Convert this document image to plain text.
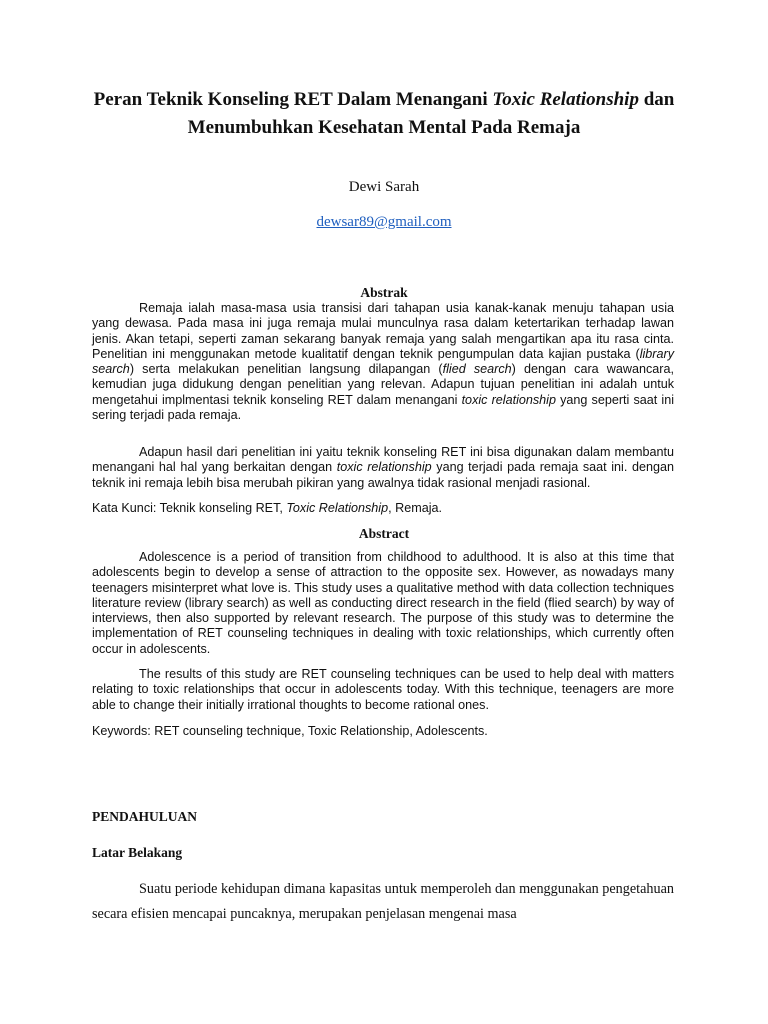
Peran Teknik Konseling RET Dalam Menangani Toxic Relationship dan Menumbuhkan Kesehatan Mental Pada Remaja
Dewi Sarah
dewsar89@gmail.com
Abstrak

Remaja ialah masa-masa usia transisi dari tahapan usia kanak-kanak menuju tahapan usia yang dewasa. Pada masa ini juga remaja mulai munculnya rasa dalam ketertarikan terhadap lawan jenis. Akan tetapi, seperti zaman sekarang banyak remaja yang salah mengartikan apa itu rasa cinta. Penelitian ini menggunakan metode kualitatif dengan teknik pengumpulan data kajian pustaka (library search) serta melakukan penelitian langsung dilapangan (flied search) dengan cara wawancara, kemudian juga didukung dengan penelitian yang relevan. Adapun tujuan penelitian ini adalah untuk mengetahui implmentasi teknik konseling RET dalam menangani toxic relationship yang seperti saat ini sering terjadi pada remaja.

Adapun hasil dari penelitian ini yaitu teknik konseling RET ini bisa digunakan dalam membantu menangani hal hal yang berkaitan dengan toxic relationship yang terjadi pada remaja saat ini. dengan teknik ini remaja lebih bisa merubah pikiran yang awalnya tidak rasional menjadi rasional.

Kata Kunci: Teknik konseling RET, Toxic Relationship, Remaja.

Abstract

Adolescence is a period of transition from childhood to adulthood. It is also at this time that adolescents begin to develop a sense of attraction to the opposite sex. However, as nowadays many teenagers misinterpret what love is. This study uses a qualitative method with data collection techniques literature review (library search) as well as conducting direct research in the field (flied search) by way of interviews, then also supported by relevant research. The purpose of this study was to determine the implementation of RET counseling techniques in dealing with toxic relationships, which currently often occur in adolescents.

The results of this study are RET counseling techniques can be used to help deal with matters relating to toxic relationships that occur in adolescents today. With this technique, teenagers are more able to change their initially irrational thoughts to become rational ones.

Keywords: RET counseling technique, Toxic Relationship, Adolescents.

PENDAHULUAN
Latar Belakang

Suatu periode kehidupan dimana kapasitas untuk memperoleh dan menggunakan pengetahuan secara efisien mencapai puncaknya, merupakan penjelasan mengenai masa
